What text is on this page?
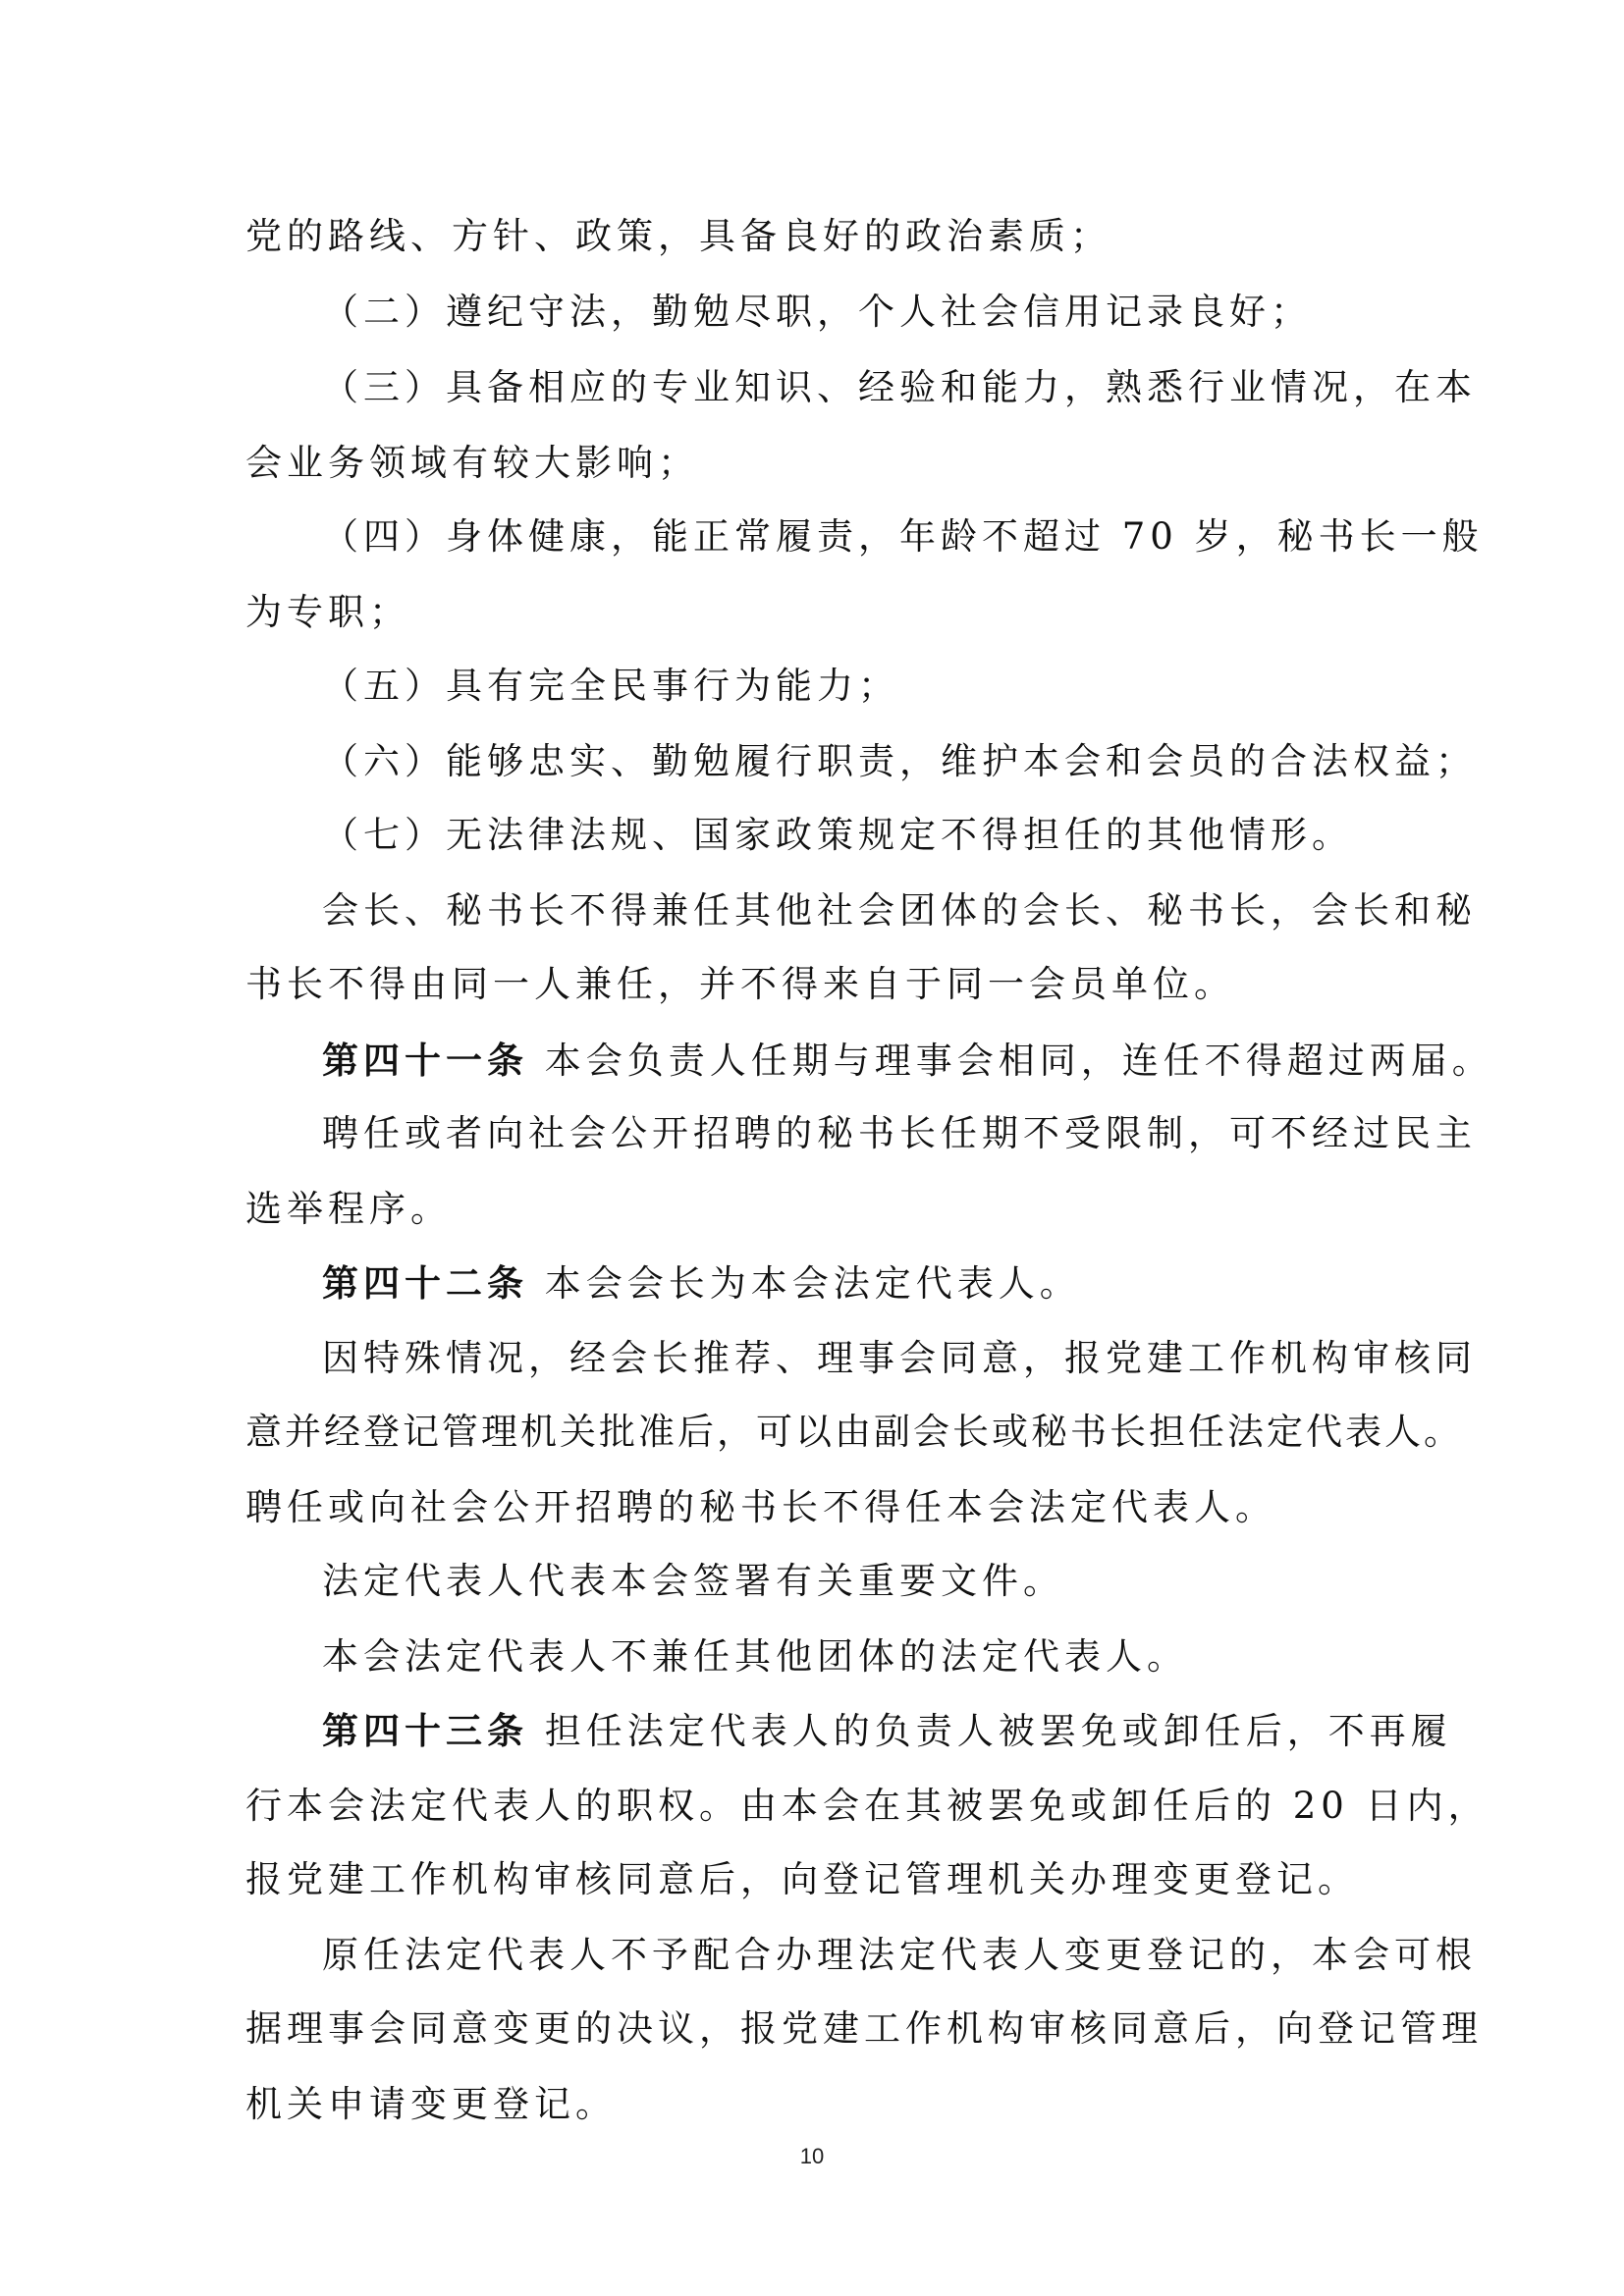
党的路线、方针、政策，具备良好的政治素质；
（二）遵纪守法，勤勉尽职，个人社会信用记录良好；
（三）具备相应的专业知识、经验和能力，熟悉行业情况，在本
会业务领域有较大影响；
（四）身体健康，能正常履责，年龄不超过 70 岁，秘书长一般
为专职；
（五）具有完全民事行为能力；
（六）能够忠实、勤勉履行职责，维护本会和会员的合法权益；
（七）无法律法规、国家政策规定不得担任的其他情形。
会长、秘书长不得兼任其他社会团体的会长、秘书长，会长和秘
书长不得由同一人兼任，并不得来自于同一会员单位。
第四十一条 本会负责人任期与理事会相同，连任不得超过两届。
聘任或者向社会公开招聘的秘书长任期不受限制，可不经过民主
选举程序。
第四十二条 本会会长为本会法定代表人。
因特殊情况，经会长推荐、理事会同意，报党建工作机构审核同
意并经登记管理机关批准后，可以由副会长或秘书长担任法定代表人。
聘任或向社会公开招聘的秘书长不得任本会法定代表人。
法定代表人代表本会签署有关重要文件。
本会法定代表人不兼任其他团体的法定代表人。
第四十三条 担任法定代表人的负责人被罢免或卸任后，不再履
行本会法定代表人的职权。由本会在其被罢免或卸任后的 20 日内，
报党建工作机构审核同意后，向登记管理机关办理变更登记。
原任法定代表人不予配合办理法定代表人变更登记的，本会可根
据理事会同意变更的决议，报党建工作机构审核同意后，向登记管理
机关申请变更登记。
10
